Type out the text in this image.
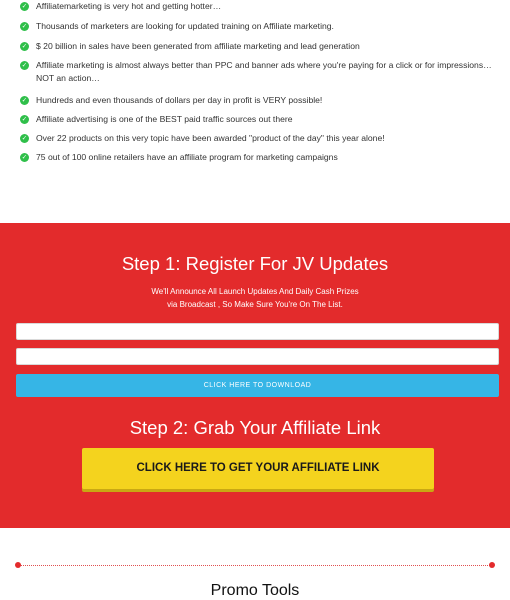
✓ Affiliatemarketing is very hot and getting hotter…
✓ Thousands of marketers are looking for updated training on Affiliate marketing.
✓ $ 20 billion in sales have been generated from affiliate marketing and lead generation
✓ Affiliate marketing is almost always better than PPC and banner ads where you're paying for a click or for impressions… NOT an action…
✓ Hundreds and even thousands of dollars per day in profit is VERY possible!
✓ Affiliate advertising is one of the BEST paid traffic sources out there
✓ Over 22 products on this very topic have been awarded "product of the day" this year alone!
✓ 75 out of 100 online retailers have an affiliate program for marketing campaigns
Step 1: Register For JV Updates
We'll Announce All Launch Updates And Daily Cash Prizes
via Broadcast , So Make Sure You're On The List.
CLICK HERE TO DOWNLOAD
Step 2: Grab Your Affiliate Link
CLICK HERE TO GET YOUR AFFILIATE LINK
Promo Tools
